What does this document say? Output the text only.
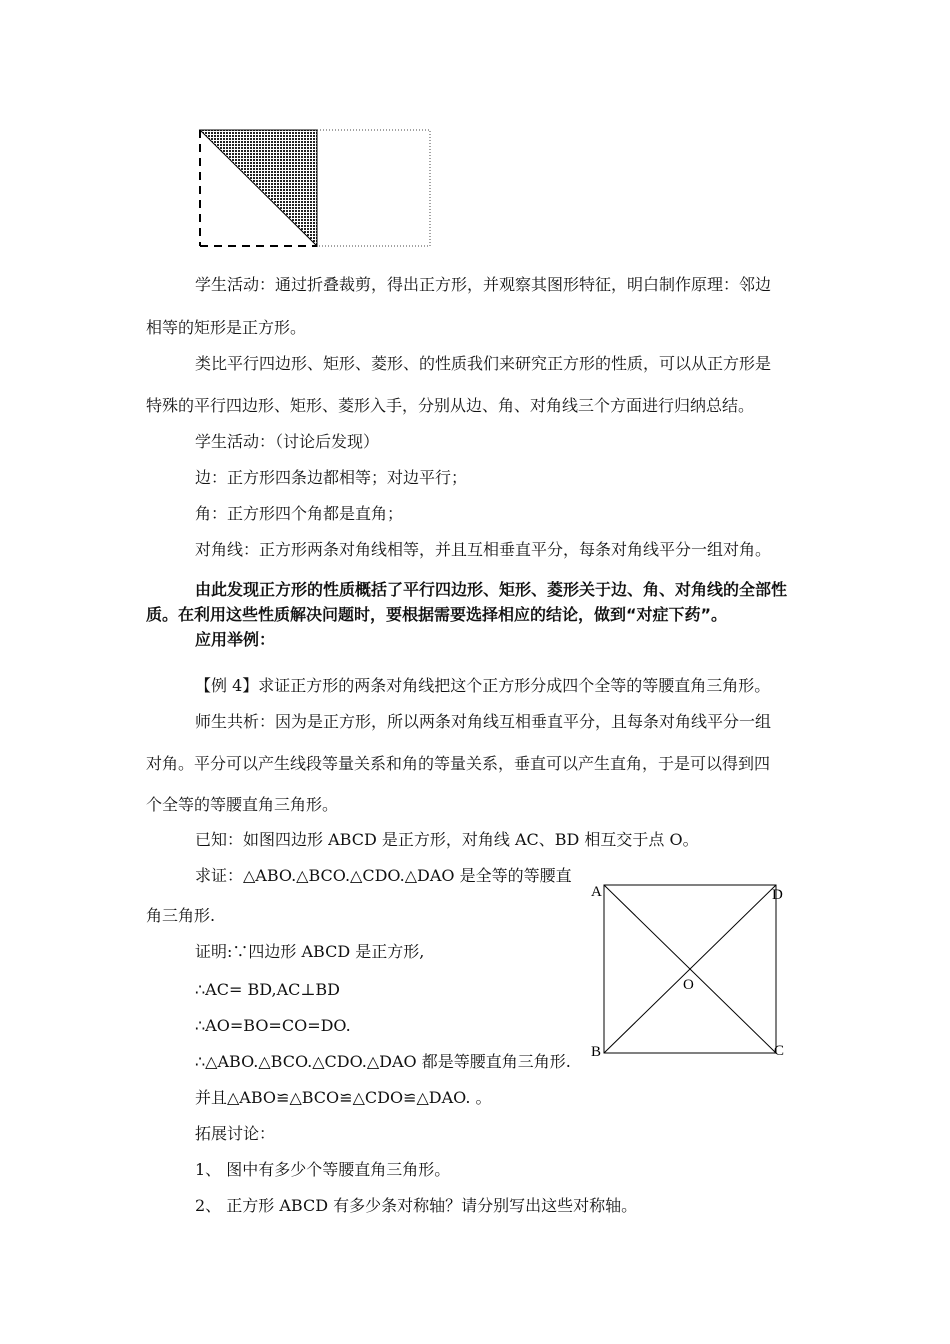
学生活动：通过折叠裁剪，得出正方形，并观察其图形特征，明白制作原理：邻边
相等的矩形是正方形。
类比平行四边形、矩形、菱形、的性质我们来研究正方形的性质，可以从正方形是
特殊的平行四边形、矩形、菱形入手，分别从边、角、对角线三个方面进行归纳总结。
学生活动：（讨论后发现）
边：正方形四条边都相等；对边平行；
角：正方形四个角都是直角；
对角线：正方形两条对角线相等，并且互相垂直平分，每条对角线平分一组对角。
由此发现正方形的性质概括了平行四边形、矩形、菱形关于边、角、对角线的全部性
质。在利用这些性质解决问题时，要根据需要选择相应的结论，做到“对症下药”。
应用举例：
【例 4】求证正方形的两条对角线把这个正方形分成四个全等的等腰直角三角形。
师生共析：因为是正方形，所以两条对角线互相垂直平分，且每条对角线平分一组
对角。平分可以产生线段等量关系和角的等量关系，垂直可以产生直角，于是可以得到四
个全等的等腰直角三角形。
已知：如图四边形 ABCD 是正方形，对角线 AC、BD 相互交于点 O。
求证：△ABO.△BCO.△CDO.△DAO 是全等的等腰直
角三角形.
证明:∵四边形 ABCD 是正方形,
∴AC= BD,AC⊥BD
∴AO=BO=CO=DO.
∴△ABO.△BCO.△CDO.△DAO 都是等腰直角三角形.
并且△ABO≌△BCO≌△CDO≌△DAO. 。
拓展讨论：
1、 图中有多少个等腰直角三角形。
2、 正方形 ABCD 有多少条对称轴？请分别写出这些对称轴。
A	D
B	C
O
